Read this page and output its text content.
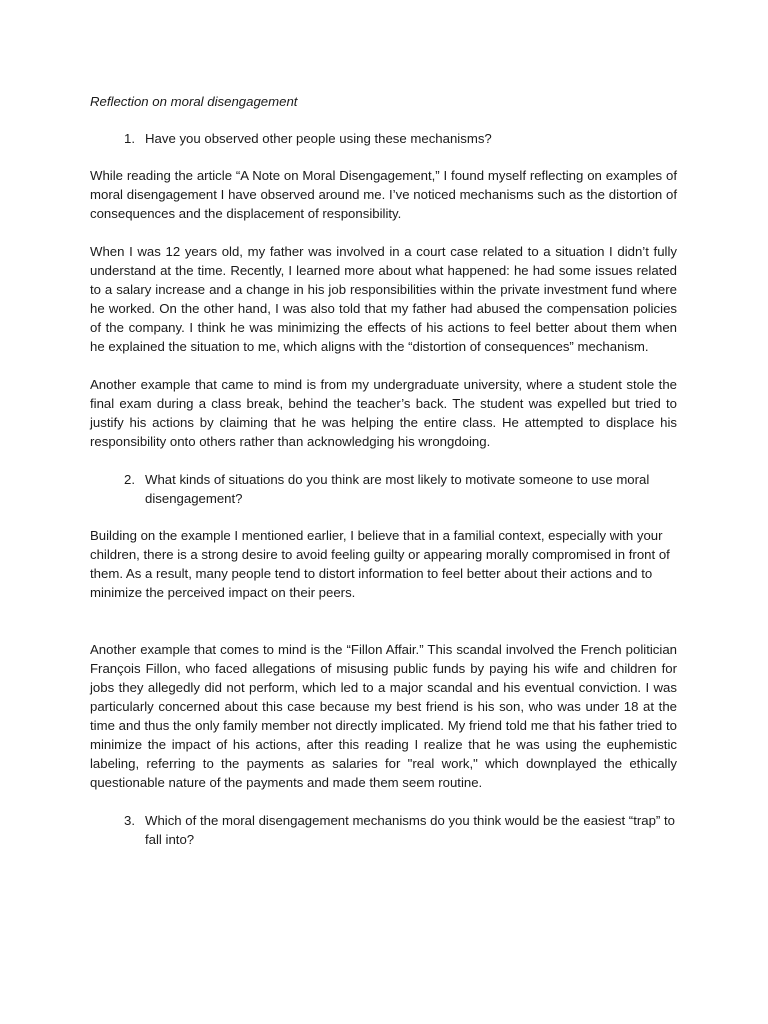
Reflection on moral disengagement
1. Have you observed other people using these mechanisms?

While reading the article “A Note on Moral Disengagement,” I found myself reflecting on examples of moral disengagement I have observed around me. I’ve noticed mechanisms such as the distortion of consequences and the displacement of responsibility.

When I was 12 years old, my father was involved in a court case related to a situation I didn’t fully understand at the time. Recently, I learned more about what happened: he had some issues related to a salary increase and a change in his job responsibilities within the private investment fund where he worked. On the other hand, I was also told that my father had abused the compensation policies of the company. I think he was minimizing the effects of his actions to feel better about them when he explained the situation to me, which aligns with the “distortion of consequences” mechanism.

Another example that came to mind is from my undergraduate university, where a student stole the final exam during a class break, behind the teacher’s back. The student was expelled but tried to justify his actions by claiming that he was helping the entire class. He attempted to displace his responsibility onto others rather than acknowledging his wrongdoing.

2. What kinds of situations do you think are most likely to motivate someone to use moral disengagement?

Building on the example I mentioned earlier, I believe that in a familial context, especially with your children, there is a strong desire to avoid feeling guilty or appearing morally compromised in front of them. As a result, many people tend to distort information to feel better about their actions and to minimize the perceived impact on their peers.

Another example that comes to mind is the “Fillon Affair.” This scandal involved the French politician François Fillon, who faced allegations of misusing public funds by paying his wife and children for jobs they allegedly did not perform, which led to a major scandal and his eventual conviction. I was particularly concerned about this case because my best friend is his son, who was under 18 at the time and thus the only family member not directly implicated. My friend told me that his father tried to minimize the impact of his actions, after this reading I realize that he was using the euphemistic labeling, referring to the payments as salaries for "real work," which downplayed the ethically questionable nature of the payments and made them seem routine.

3. Which of the moral disengagement mechanisms do you think would be the easiest “trap” to fall into?
